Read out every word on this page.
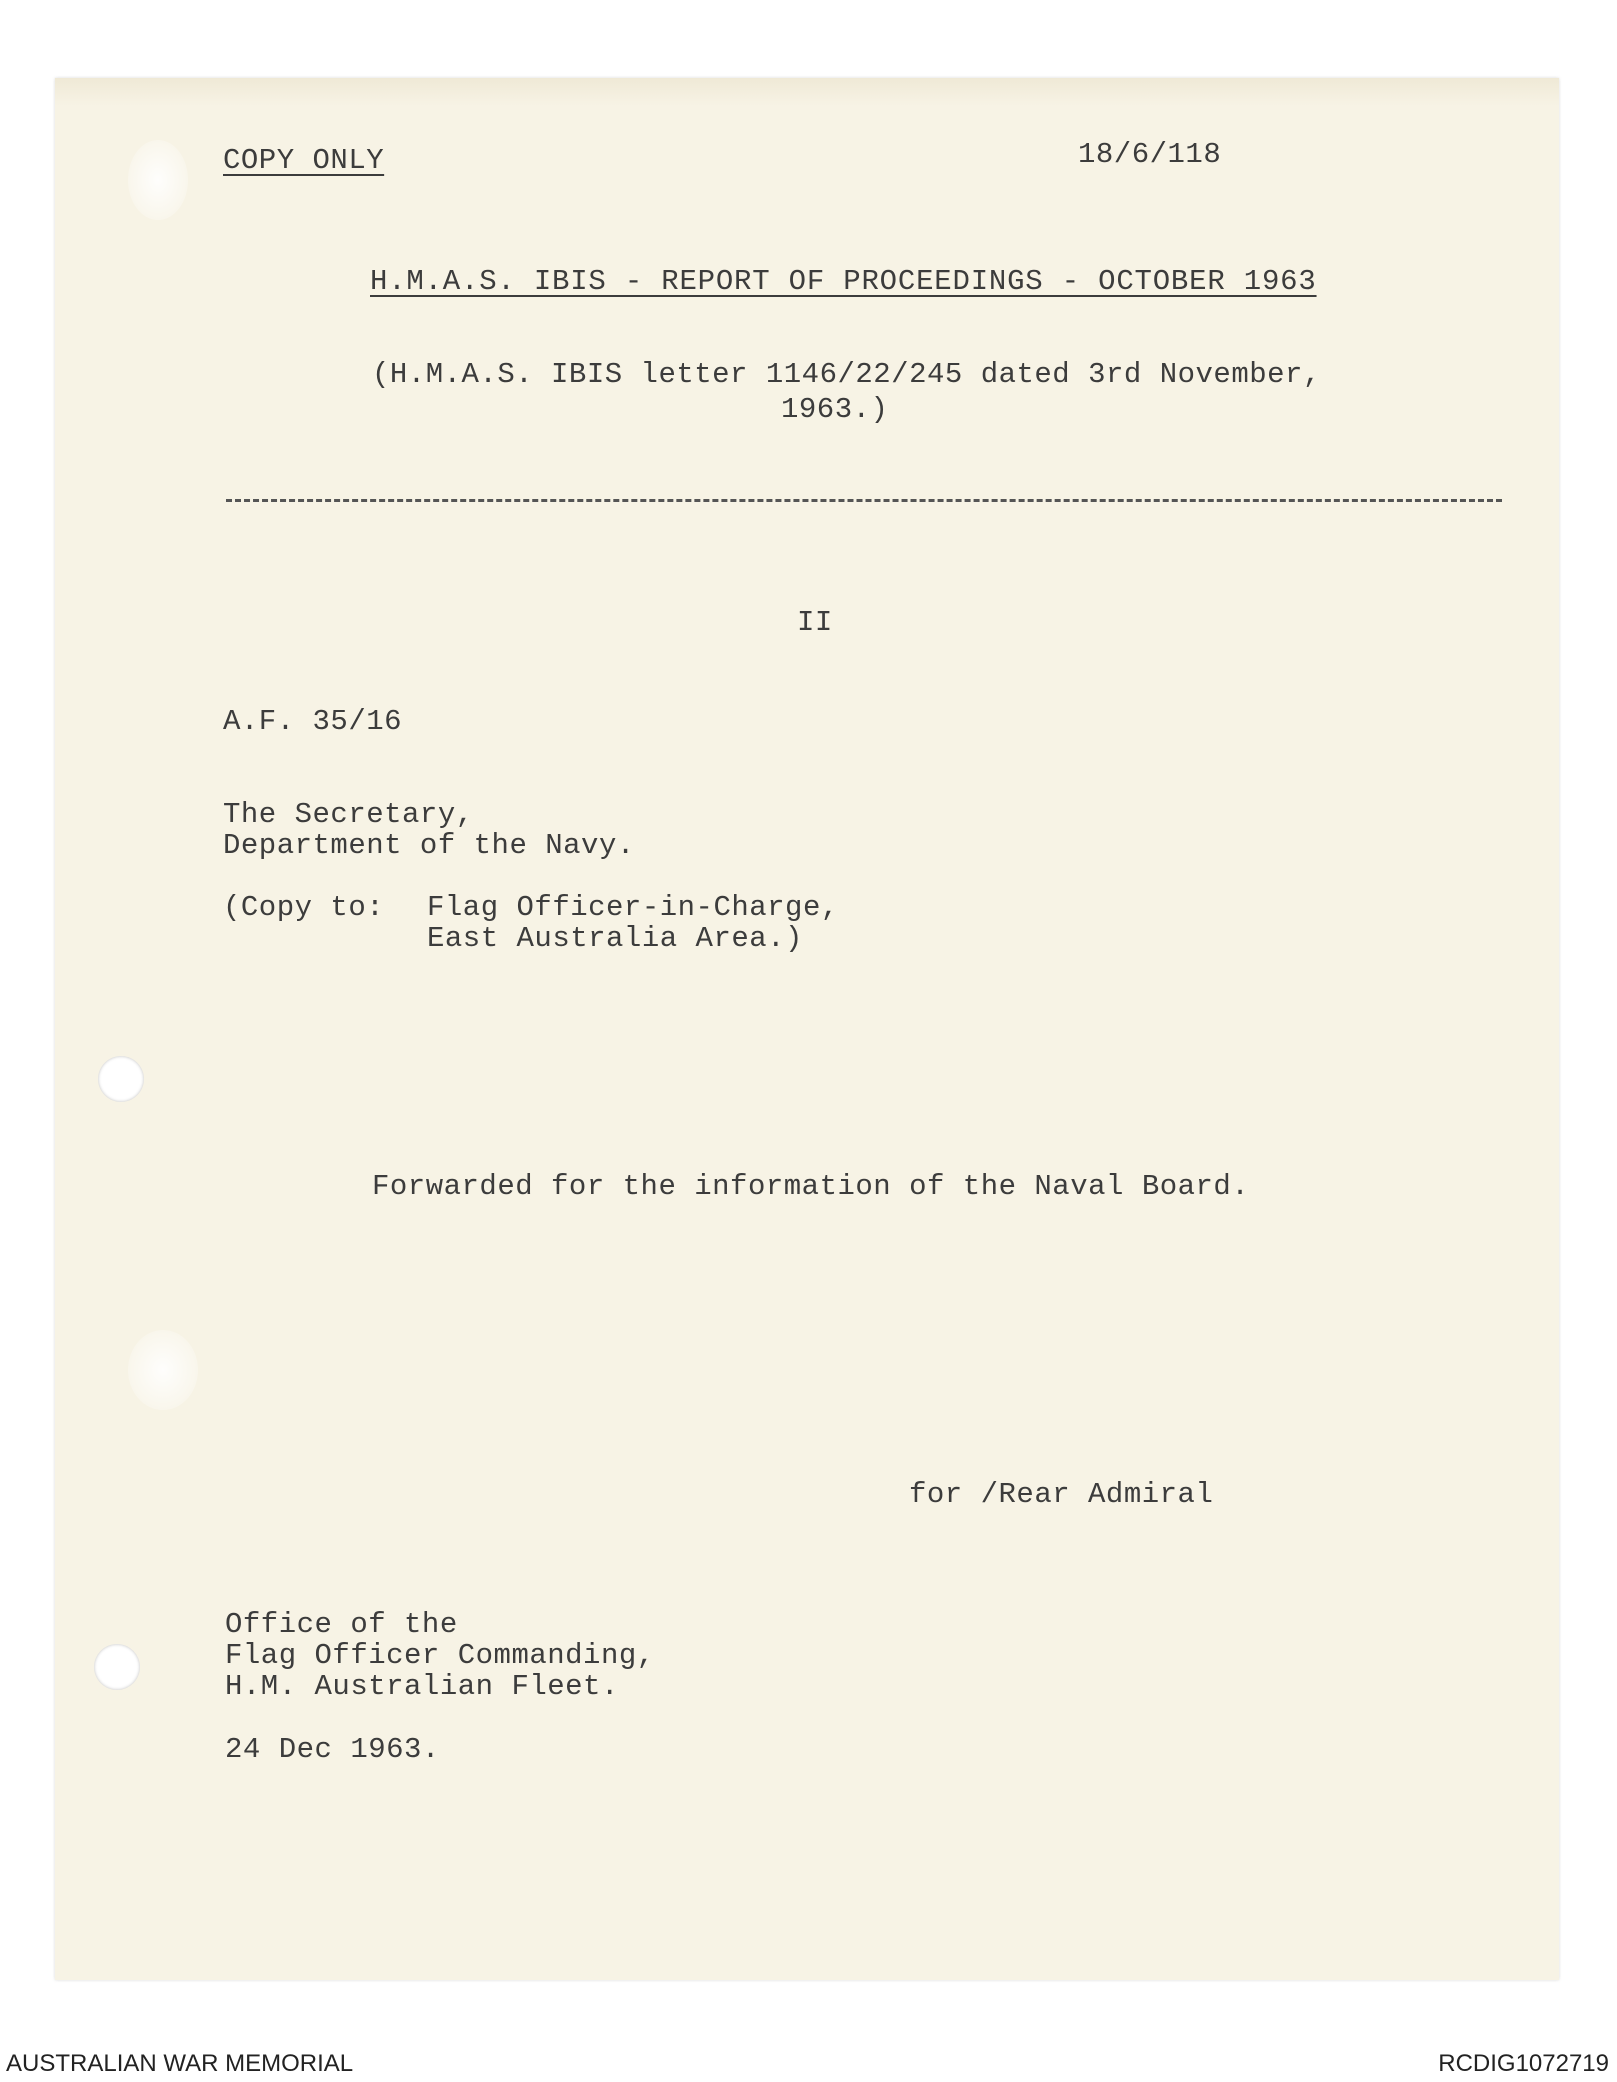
COPY ONLY	18/6/118
H.M.A.S. IBIS - REPORT OF PROCEEDINGS - OCTOBER 1963
(H.M.A.S. IBIS letter 1146/22/245 dated 3rd November,
1963.)
II
A.F. 35/16
The Secretary,
Department of the Navy.
(Copy to: Flag Officer-in-Charge,
East Australia Area.)
Forwarded for the information of the Naval Board.
for /Rear Admiral
Office of the
Flag Officer Commanding,
H.M. Australian Fleet.
24 Dec 1963.
AUSTRALIAN WAR MEMORIAL	RCDIG1072719
